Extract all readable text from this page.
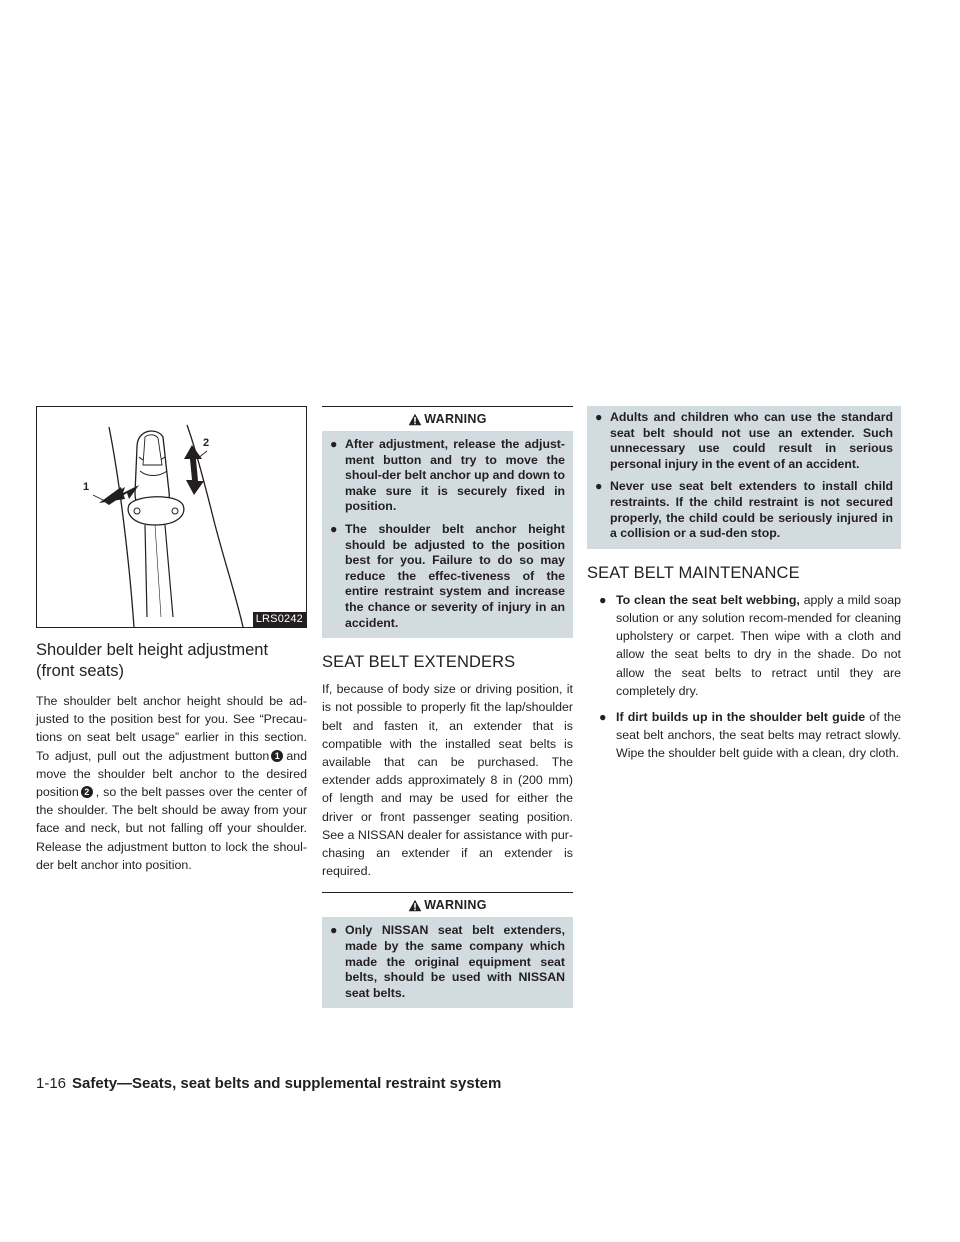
1
2
LRS0242
Shoulder belt height adjustment (front seats)

The shoulder belt anchor height should be ad-justed to the position best for you. See “Precau-tions on seat belt usage” earlier in this section. To adjust, pull out the adjustment button 1 and move the shoulder belt anchor to the desired position 2 , so the belt passes over the center of the shoulder. The belt should be away from your face and neck, but not falling off your shoulder. Release the adjustment button to lock the shoul-der belt anchor into position.

WARNING
● After adjustment, release the adjust-ment button and try to move the shoul-der belt anchor up and down to make sure it is securely fixed in position.
● The shoulder belt anchor height should be adjusted to the position best for you. Failure to do so may reduce the effec-tiveness of the entire restraint system and increase the chance or severity of injury in an accident.
SEAT BELT EXTENDERS

If, because of body size or driving position, it is not possible to properly fit the lap/shoulder belt and fasten it, an extender that is compatible with the installed seat belts is available that can be purchased. The extender adds approximately 8 in (200 mm) of length and may be used for either the driver or front passenger seating position. See a NISSAN dealer for assistance with pur-chasing an extender if an extender is required.

WARNING
● Only NISSAN seat belt extenders, made by the same company which made the original equipment seat belts, should be used with NISSAN seat belts.
● Adults and children who can use the standard seat belt should not use an extender. Such unnecessary use could result in serious personal injury in the event of an accident.
● Never use seat belt extenders to install child restraints. If the child restraint is not secured properly, the child could be seriously injured in a collision or a sud-den stop.
SEAT BELT MAINTENANCE
● To clean the seat belt webbing, apply a mild soap solution or any solution recom-mended for cleaning upholstery or carpet. Then wipe with a cloth and allow the seat belts to dry in the shade. Do not allow the seat belts to retract until they are completely dry.
● If dirt builds up in the shoulder belt guide of the seat belt anchors, the seat belts may retract slowly. Wipe the shoulder belt guide with a clean, dry cloth.
1-16 Safety—Seats, seat belts and supplemental restraint system
